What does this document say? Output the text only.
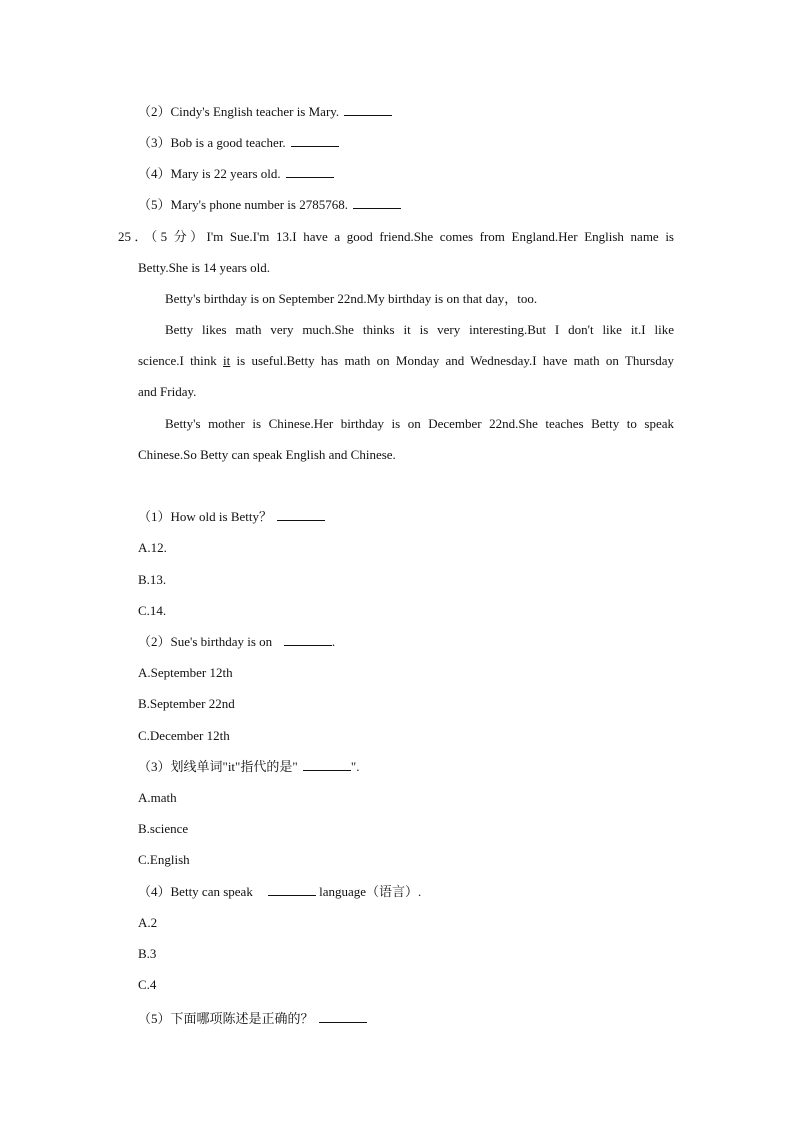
（2）Cindy's English teacher is Mary.
（3）Bob is a good teacher.
（4）Mary is 22 years old.
（5）Mary's phone number is 2785768.
25．（5 分）I'm Sue.I'm 13.I have a good friend.She comes from England.Her English name is
Betty.She is 14 years old.
Betty's birthday is on September 22nd.My birthday is on that day，too.
Betty likes math very much.She thinks it is very interesting.But I don't like it.I like
science.I think it is useful.Betty has math on Monday and Wednesday.I have math on Thursday
and Friday.
Betty's mother is Chinese.Her birthday is on December 22nd.She teaches Betty to speak
Chinese.So Betty can speak English and Chinese.
（1）How old is Betty？
A.12.
B.13.
C.14.
（2）Sue's birthday is on	.
A.September 12th
B.September 22nd
C.December 12th
（3）划线单词"it"指代的是"	".
A.math
B.science
C.English
（4）Betty can speak	language（语言）.
A.2
B.3
C.4
（5）下面哪项陈述是正确的？
